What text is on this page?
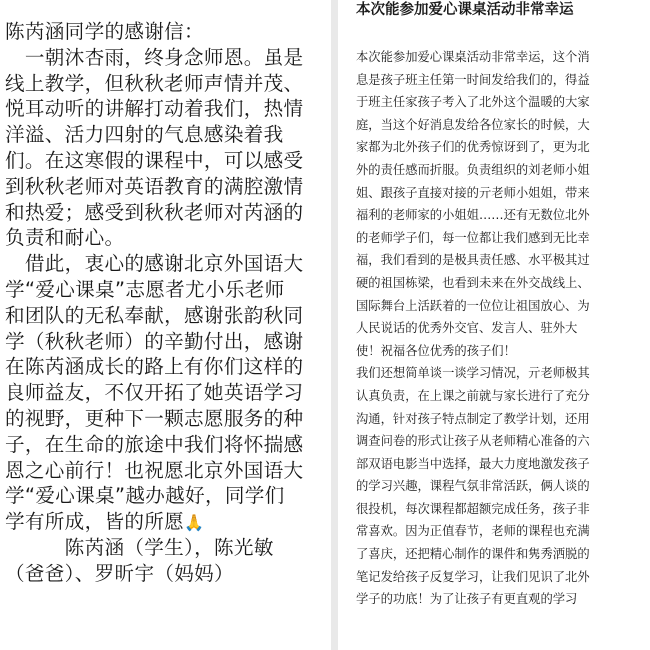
陈芮涵同学的感谢信：
　一朝沐杏雨，终身念师恩。虽是
线上教学，但秋秋老师声情并茂、
悦耳动听的讲解打动着我们，热情
洋溢、活力四射的气息感染着我
们。在这寒假的课程中，可以感受
到秋秋老师对英语教育的满腔激情
和热爱；感受到秋秋老师对芮涵的
负责和耐心。
　借此，衷心的感谢北京外国语大
学“爱心课桌”志愿者尤小乐老师
和团队的无私奉献，感谢张韵秋同
学（秋秋老师）的辛勤付出，感谢
在陈芮涵成长的路上有你们这样的
良师益友，不仅开拓了她英语学习
的视野，更种下一颗志愿服务的种
子，在生命的旅途中我们将怀揣感
恩之心前行！也祝愿北京外国语大
学“爱心课桌”越办越好，同学们
学有所成，皆的所愿🙏
　　　陈芮涵（学生），陈光敏
（爸爸）、罗昕宇（妈妈）
本次能参加爱心课桌活动非常幸运
本次能参加爱心课桌活动非常幸运，这个消
息是孩子班主任第一时间发给我们的，得益
于班主任家孩子考入了北外这个温暖的大家
庭，当这个好消息发给各位家长的时候，大
家都为北外孩子们的优秀惊讶到了，更为北
外的责任感而折服。负责组织的刘老师小姐
姐、跟孩子直接对接的亓老师小姐姐，带来
福利的老师家的小姐姐……还有无数位北外
的老师学子们，每一位都让我们感到无比幸
福，我们看到的是极具责任感、水平极其过
硬的祖国栋梁，也看到未来在外交战线上、
国际舞台上活跃着的一位位让祖国放心、为
人民说话的优秀外交官、发言人、驻外大
使！祝福各位优秀的孩子们！
我们还想简单谈一谈学习情况，亓老师极其
认真负责，在上课之前就与家长进行了充分
沟通，针对孩子特点制定了教学计划，还用
调查问卷的形式让孩子从老师精心准备的六
部双语电影当中选择，最大力度地激发孩子
的学习兴趣，课程气氛非常活跃，俩人谈的
很投机，每次课程都超额完成任务，孩子非
常喜欢。因为正值春节，老师的课程也充满
了喜庆，还把精心制作的课件和隽秀洒脱的
笔记发给孩子反复学习，让我们见识了北外
学子的功底！为了让孩子有更直观的学习
